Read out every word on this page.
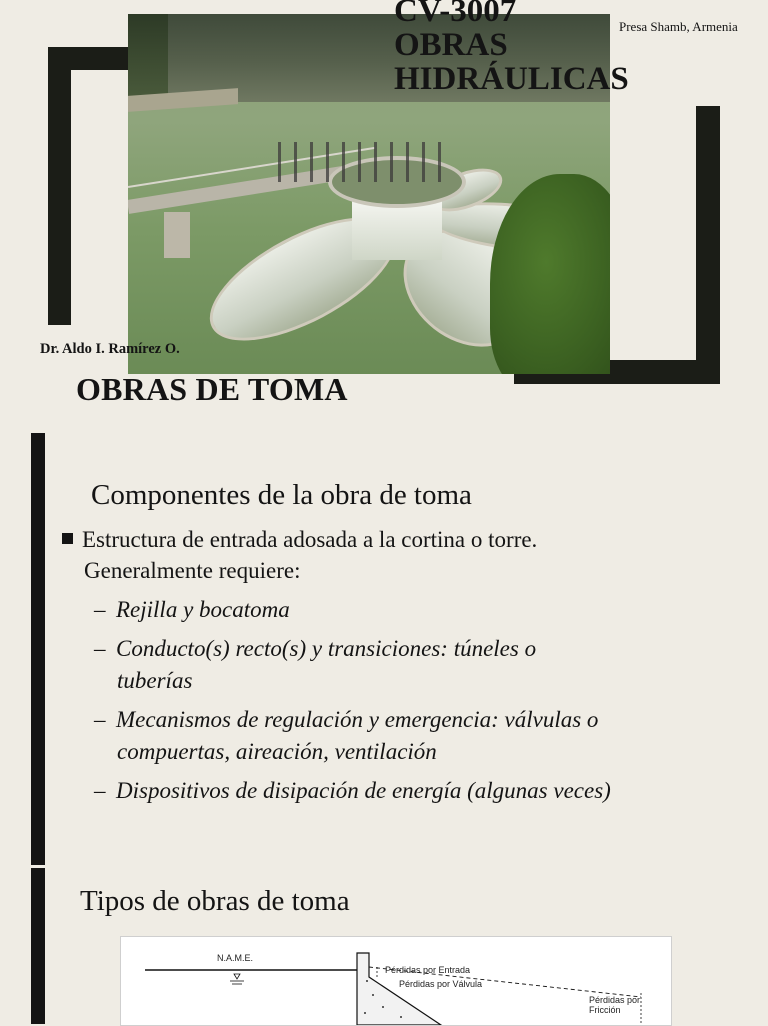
CV-3007
OBRAS
HIDRÁULICAS
Presa Shamb, Armenia
Dr. Aldo I. Ramírez O.
OBRAS DE TOMA
Componentes de la obra de toma
Estructura de entrada adosada a la cortina o torre.
Generalmente requiere:
– Rejilla y bocatoma
– Conducto(s) recto(s) y transiciones: túneles o
tuberías
– Mecanismos de regulación y emergencia: válvulas o
compuertas, aireación, ventilación
– Dispositivos de disipación de energía (algunas veces)
Tipos de obras de toma
N.A.M.E.
Pérdidas por Entrada
Pérdidas por Válvula
Pérdidas por
Fricción
